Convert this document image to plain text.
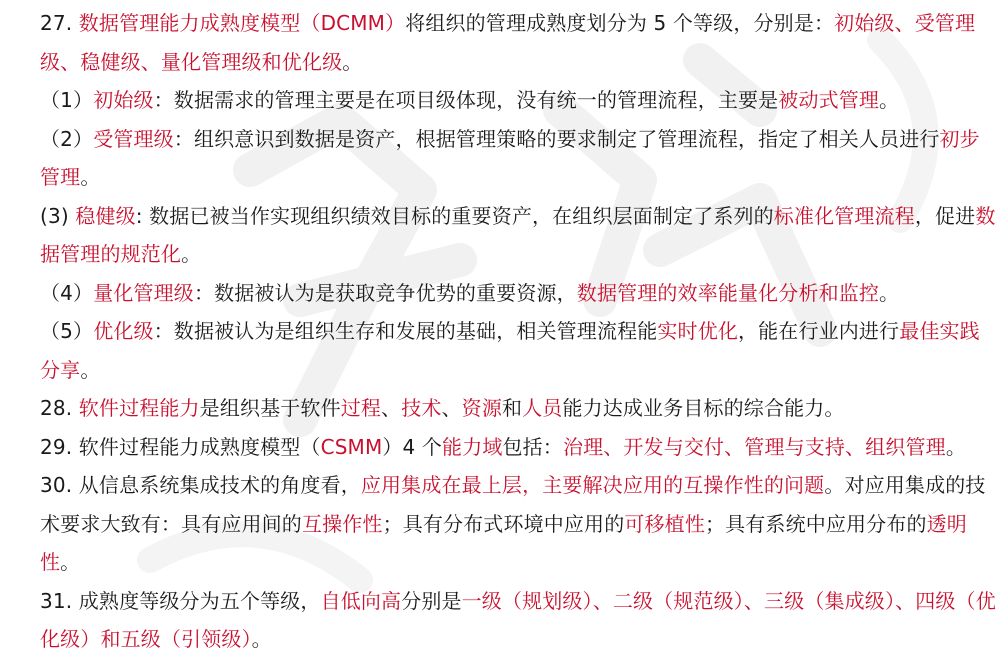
27. 数据管理能力成熟度模型（DCMM）将组织的管理成熟度划分为 5 个等级，分别是：初始级、受管理级、稳健级、量化管理级和优化级。

（1）初始级：数据需求的管理主要是在项目级体现，没有统一的管理流程，主要是被动式管理。

（2）受管理级：组织意识到数据是资产，根据管理策略的要求制定了管理流程，指定了相关人员进行初步管理。

(3) 稳健级: 数据已被当作实现组织绩效目标的重要资产，在组织层面制定了系列的标准化管理流程，促进数据管理的规范化。

（4）量化管理级：数据被认为是获取竞争优势的重要资源，数据管理的效率能量化分析和监控。

（5）优化级：数据被认为是组织生存和发展的基础，相关管理流程能实时优化，能在行业内进行最佳实践分享。

28. 软件过程能力是组织基于软件过程、技术、资源和人员能力达成业务目标的综合能力。

29. 软件过程能力成熟度模型（CSMM）4 个能力域包括：治理、开发与交付、管理与支持、组织管理。

30. 从信息系统集成技术的角度看，应用集成在最上层，主要解决应用的互操作性的问题。对应用集成的技术要求大致有：具有应用间的互操作性；具有分布式环境中应用的可移植性；具有系统中应用分布的透明性。

31. 成熟度等级分为五个等级，自低向高分别是一级（规划级）、二级（规范级）、三级（集成级）、四级（优化级）和五级（引领级）。
